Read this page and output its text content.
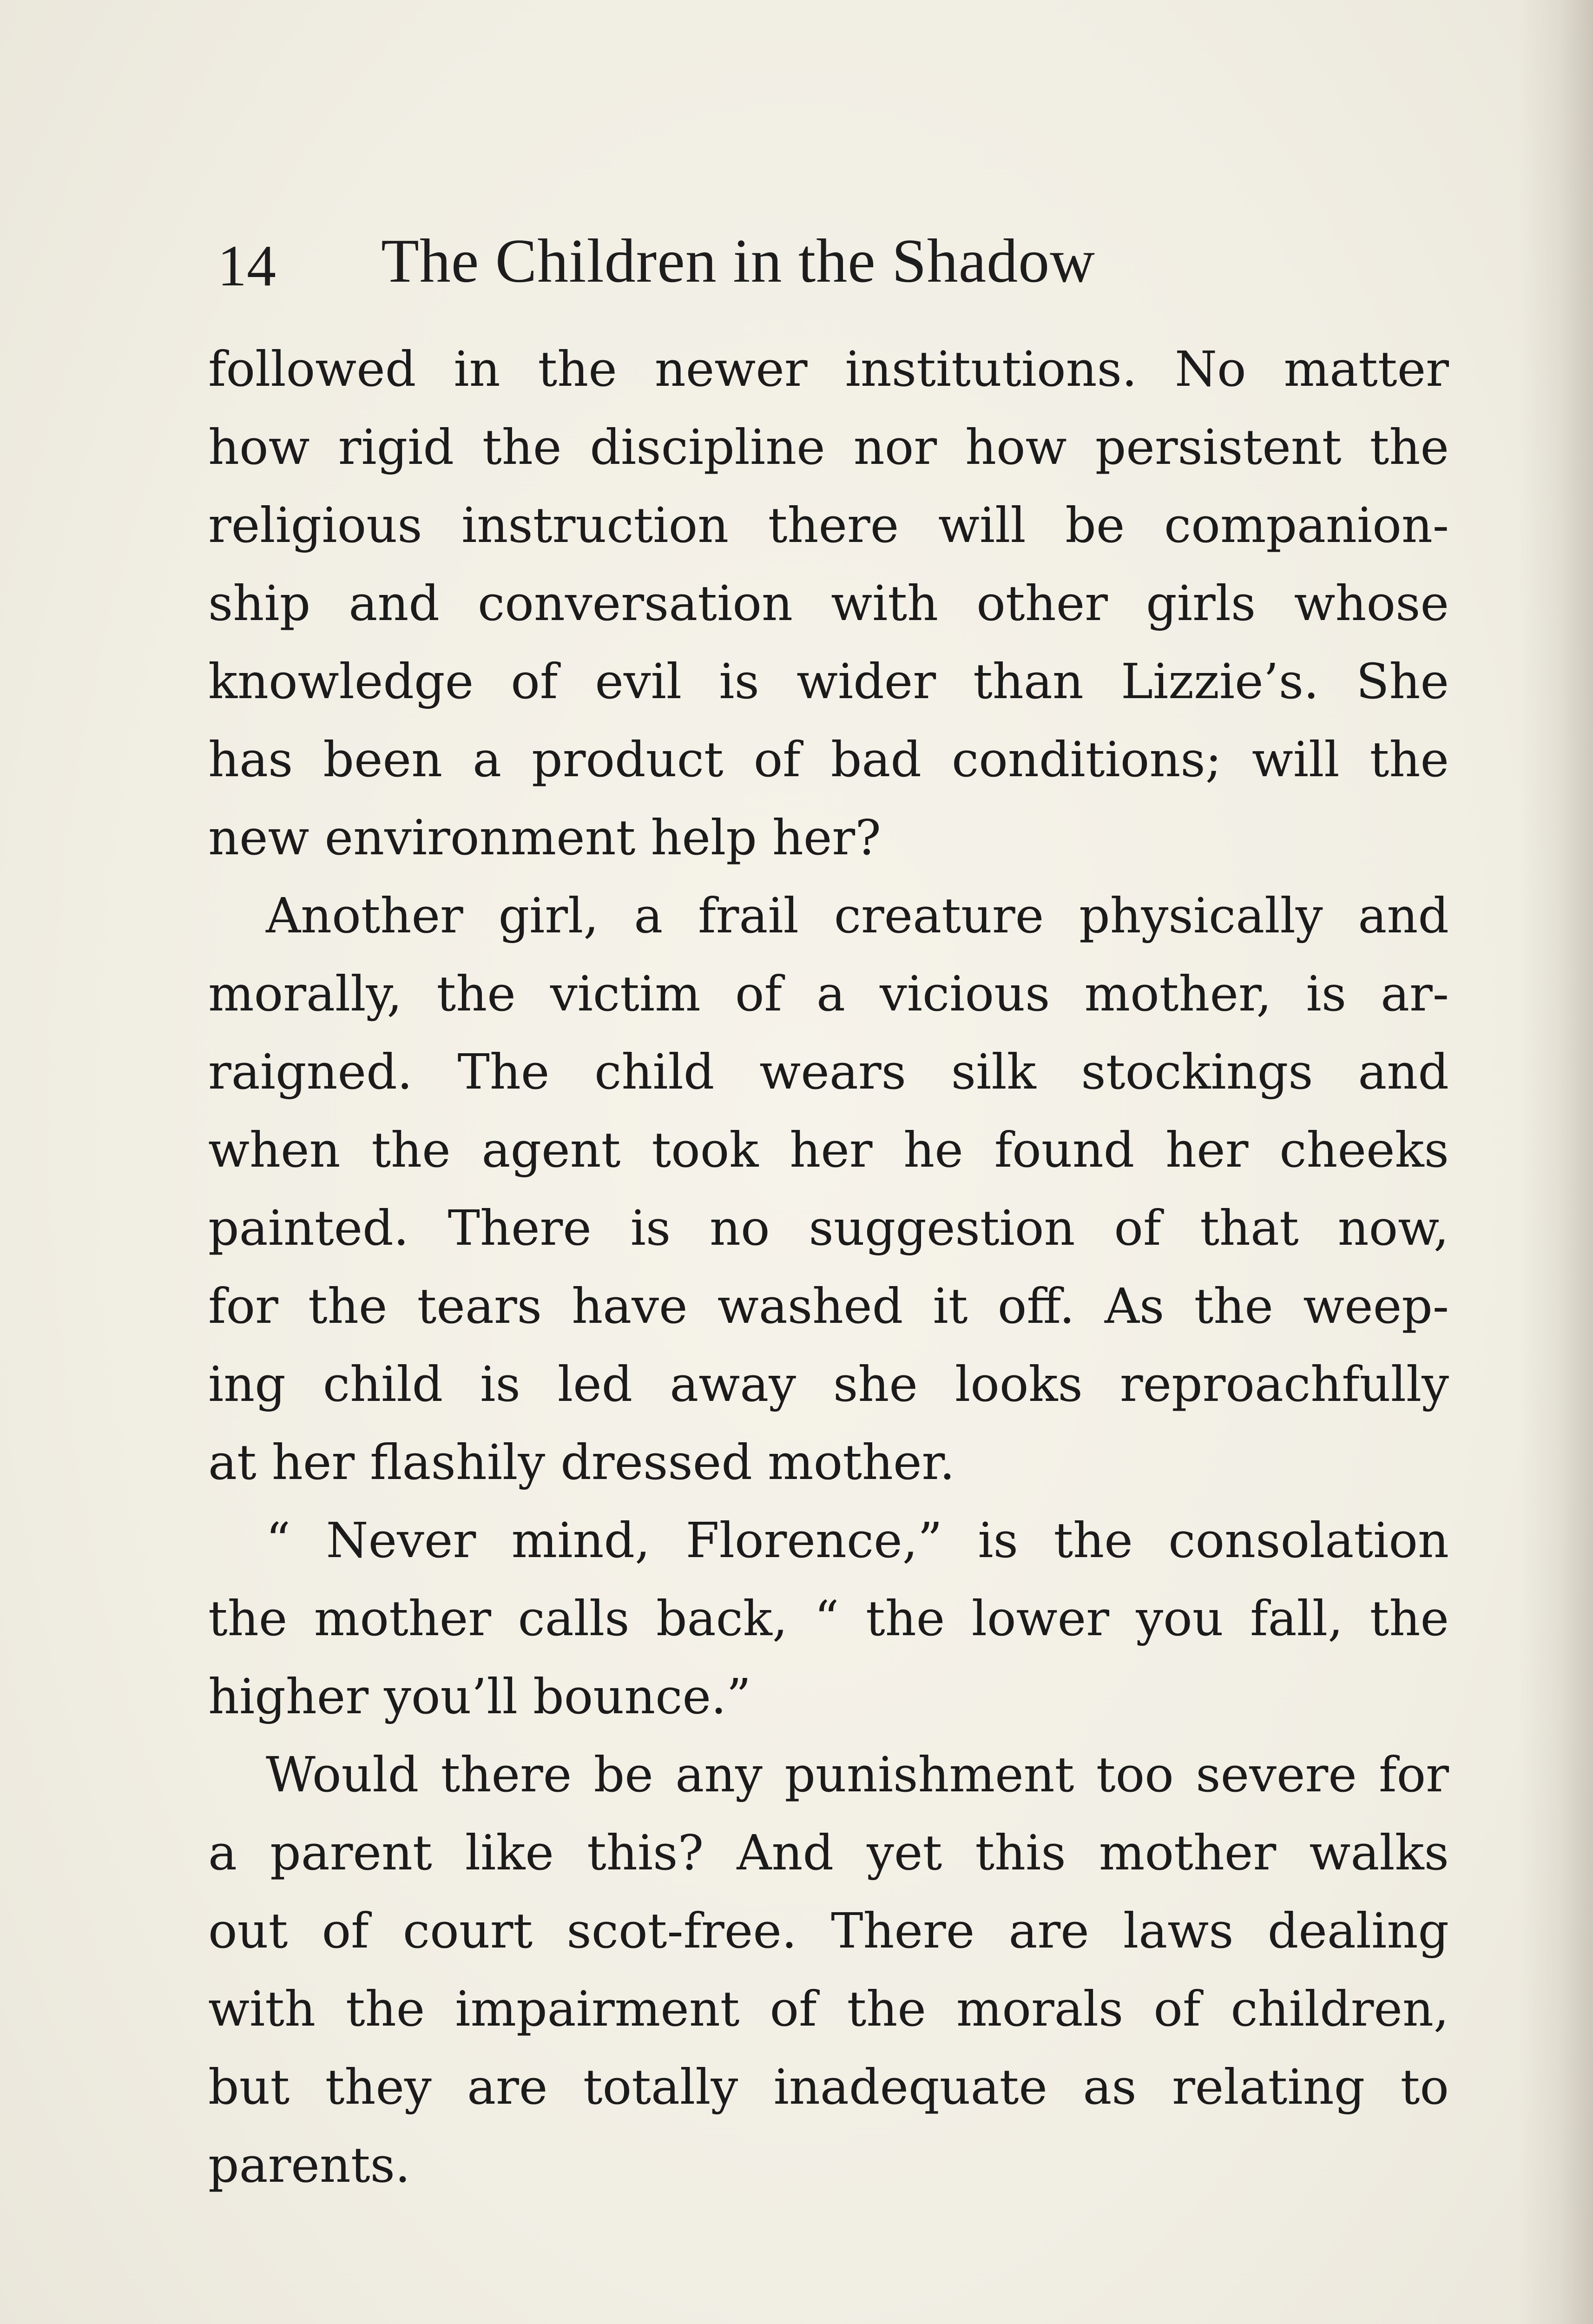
14 The Children in the Shadow
followed in the newer institutions. No matter
how rigid the discipline nor how persistent the
religious instruction there will be companion-
ship and conversation with other girls whose
knowledge of evil is wider than Lizzie’s. She
has been a product of bad conditions; will the
new environment help her?
Another girl, a frail creature physically and
morally, the victim of a vicious mother, is ar-
raigned. The child wears silk stockings and
when the agent took her he found her cheeks
painted. There is no suggestion of that now,
for the tears have washed it off. As the weep-
ing child is led away she looks reproachfully
at her flashily dressed mother.
“ Never mind, Florence,” is the consolation
the mother calls back, “ the lower you fall, the
higher you’ll bounce.”
Would there be any punishment too severe for
a parent like this? And yet this mother walks
out of court scot-free. There are laws dealing
with the impairment of the morals of children,
but they are totally inadequate as relating to
parents.
